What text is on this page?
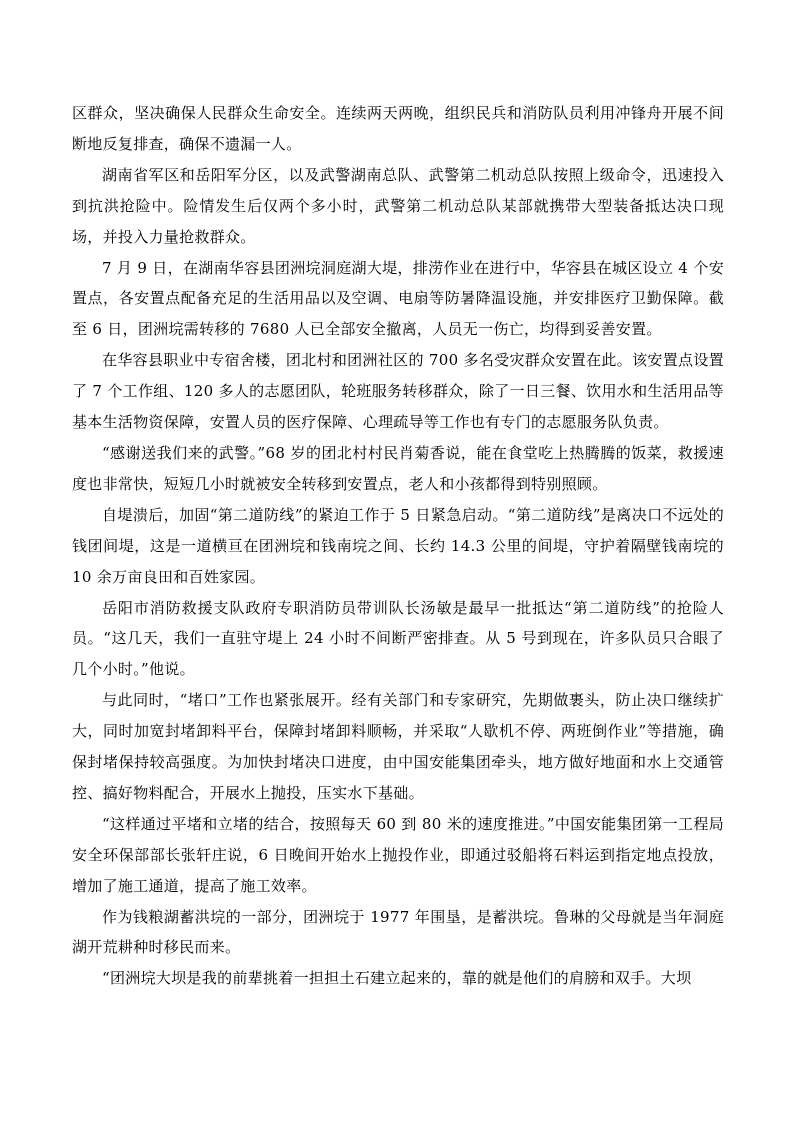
区群众，坚决确保人民群众生命安全。连续两天两晚，组织民兵和消防队员利用冲锋舟开展不间断地反复排查，确保不遗漏一人。

湖南省军区和岳阳军分区，以及武警湖南总队、武警第二机动总队按照上级命令，迅速投入到抗洪抢险中。险情发生后仅两个多小时，武警第二机动总队某部就携带大型装备抵达决口现场，并投入力量抢救群众。

7 月 9 日，在湖南华容县团洲垸洞庭湖大堤，排涝作业在进行中，华容县在城区设立 4 个安置点，各安置点配备充足的生活用品以及空调、电扇等防暑降温设施，并安排医疗卫勤保障。截至 6 日，团洲垸需转移的 7680 人已全部安全撤离，人员无一伤亡，均得到妥善安置。

在华容县职业中专宿舍楼，团北村和团洲社区的 700 多名受灾群众安置在此。该安置点设置了 7 个工作组、120 多人的志愿团队，轮班服务转移群众，除了一日三餐、饮用水和生活用品等基本生活物资保障，安置人员的医疗保障、心理疏导等工作也有专门的志愿服务队负责。

“感谢送我们来的武警。”68 岁的团北村村民肖菊香说，能在食堂吃上热腾腾的饭菜，救援速度也非常快，短短几小时就被安全转移到安置点，老人和小孩都得到特别照顾。

自堤溃后，加固“第二道防线”的紧迫工作于 5 日紧急启动。“第二道防线”是离决口不远处的钱团间堤，这是一道横亘在团洲垸和钱南垸之间、长约 14.3 公里的间堤，守护着隔壁钱南垸的 10 余万亩良田和百姓家园。

岳阳市消防救援支队政府专职消防员带训队长汤敏是最早一批抵达“第二道防线”的抢险人员。“这几天，我们一直驻守堤上 24 小时不间断严密排查。从 5 号到现在，许多队员只合眼了几个小时。”他说。

与此同时，“堵口”工作也紧张展开。经有关部门和专家研究，先期做裹头，防止决口继续扩大，同时加宽封堵卸料平台，保障封堵卸料顺畅，并采取“人歇机不停、两班倒作业”等措施，确保封堵保持较高强度。为加快封堵决口进度，由中国安能集团牵头，地方做好地面和水上交通管控、搞好物料配合，开展水上抛投，压实水下基础。

“这样通过平堵和立堵的结合，按照每天 60 到 80 米的速度推进。”中国安能集团第一工程局安全环保部部长张轩庄说，6 日晚间开始水上抛投作业，即通过驳船将石料运到指定地点投放，增加了施工通道，提高了施工效率。

作为钱粮湖蓄洪垸的一部分，团洲垸于 1977 年围垦，是蓄洪垸。鲁琳的父母就是当年洞庭湖开荒耕种时移民而来。

“团洲垸大坝是我的前辈挑着一担担土石建立起来的，靠的就是他们的肩膀和双手。大坝
